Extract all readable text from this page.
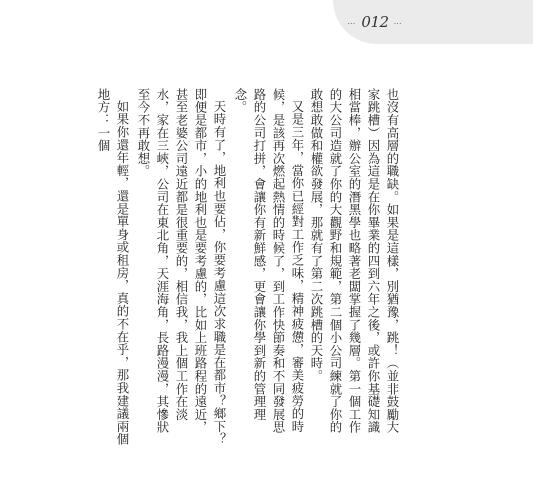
… 012 …

也沒有高層的職缺。如果是這樣，別猶豫，跳！（並非鼓勵大家跳槽）因為這是在你畢業的四到六年之後，或許你基礎知識相當棒，辦公室的潛黑學也略著老闆掌握了幾層。第一個工作的大公司造就了你的大觀野和規範，第二個小公司練就了你的敢想敢做和權欲發展，那就有了第二次跳槽的天時。

又是三年，當你已經對工作乏味，精神疲憊，審美疲勞的時候，是該再次燃起熱情的時候了，到工作快節奏和不同發展思路的公司打拼，會讓你有新鮮感，更會讓你學到新的管理理念。

天時有了，地利也要佔，你要考慮這次求職是在都市？鄉下？即便是都市，小的地利也是要考慮的，比如上班路程的遠近，甚至老婆公司遠近都是很重要的，相信我，我上個工作在淡水，家在三峽，公司在東北角，天涯海角，長路漫漫，其慘狀至今不再敢想。

如果你還年輕，還是單身或租房，真的不在乎，那我建議兩個地方：一個
